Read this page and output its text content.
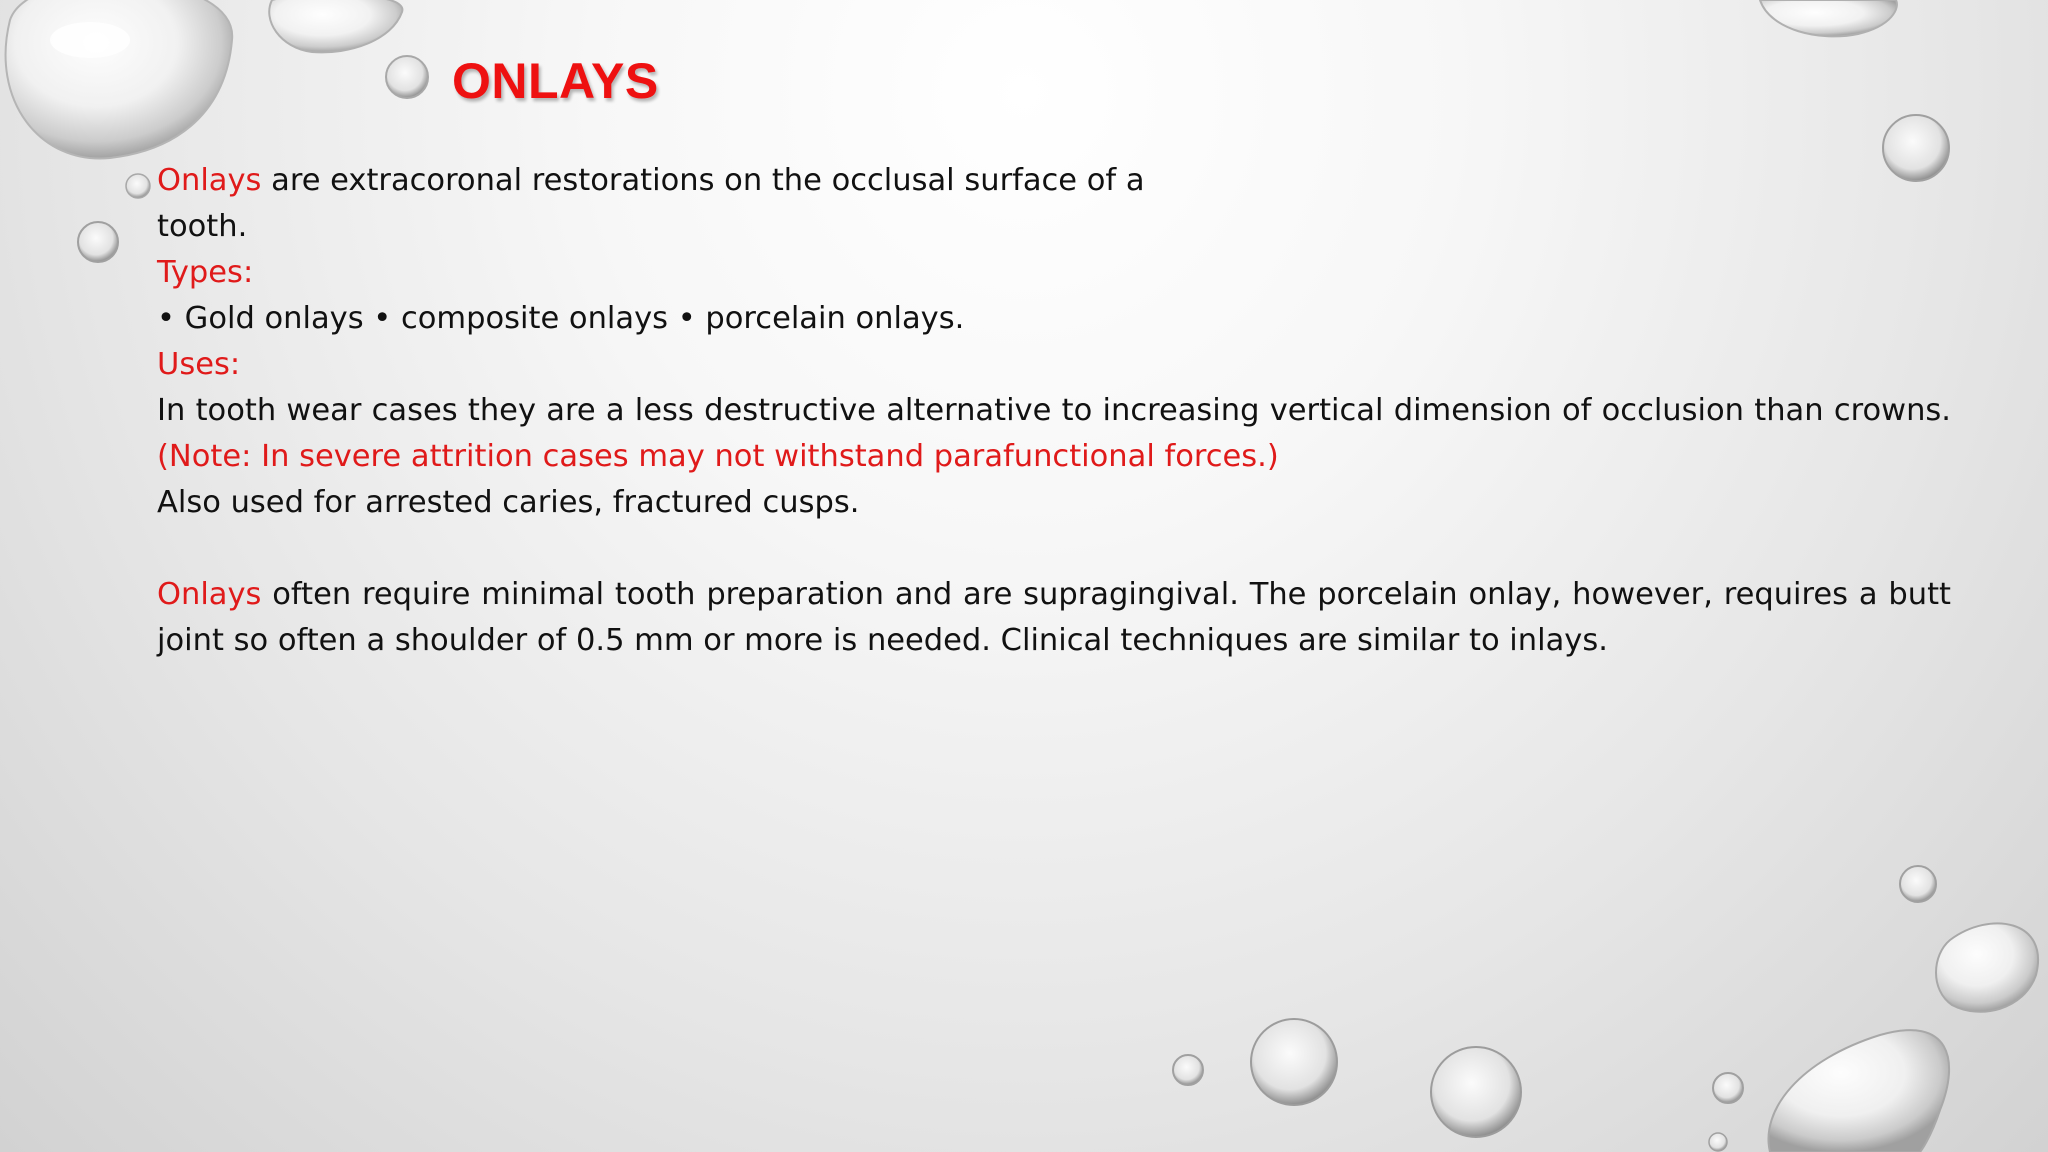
ONLAYS

Onlays are extracoronal restorations on the occlusal surface of a

tooth.

Types:

• Gold onlays • composite onlays • porcelain onlays.

Uses:

In tooth wear cases they are a less destructive alternative to increasing vertical dimension of occlusion than crowns.

(Note: In severe attrition cases may not withstand parafunctional forces.)

Also used for arrested caries, fractured cusps.

Onlays often require minimal tooth preparation and are supragingival. The porcelain onlay, however, requires a butt joint so often a shoulder of 0.5 mm or more is needed. Clinical techniques are similar to inlays.
